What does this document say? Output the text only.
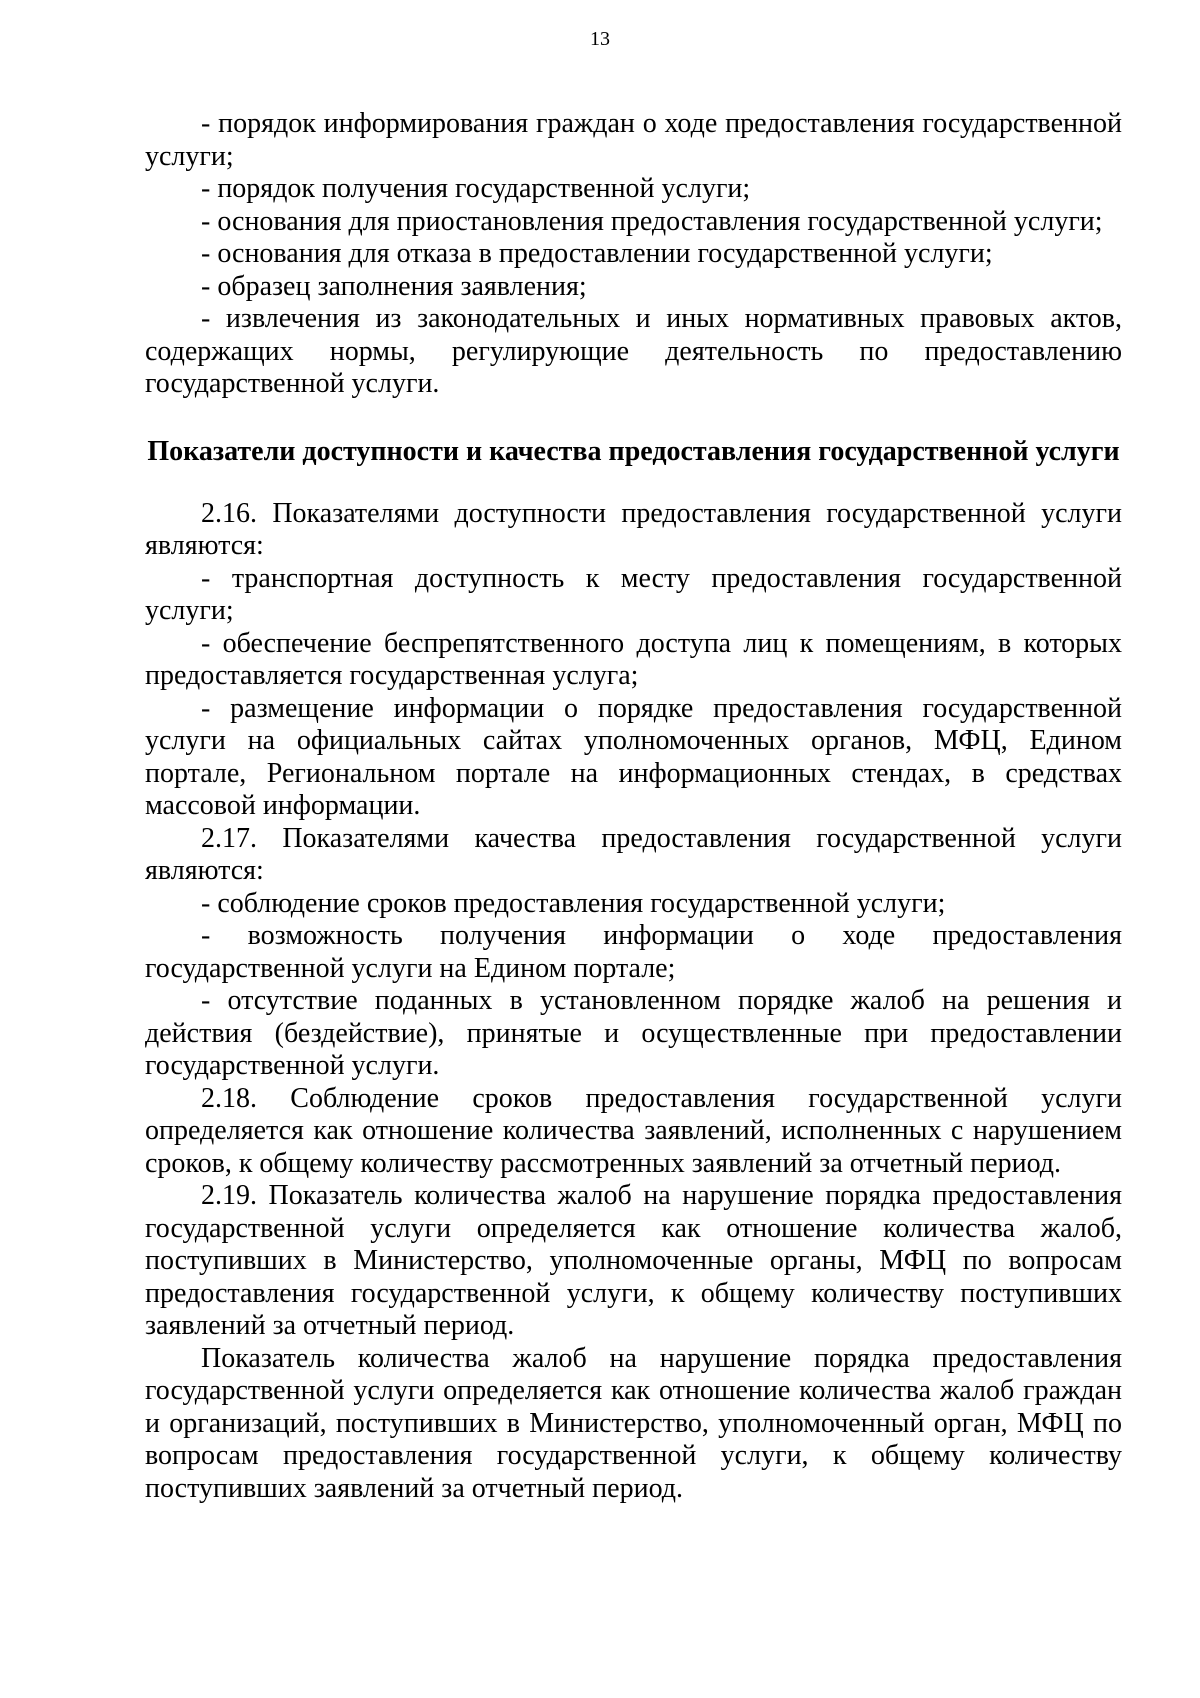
13

- порядок информирования граждан о ходе предоставления государственной услуги;

- порядок получения государственной услуги;

- основания для приостановления предоставления государственной услуги;

- основания для отказа в предоставлении государственной услуги;

- образец заполнения заявления;

- извлечения из законодательных и иных нормативных правовых актов, содержащих нормы, регулирующие деятельность по предоставлению государственной услуги.

Показатели доступности и качества предоставления государственной услуги

2.16. Показателями доступности предоставления государственной услуги являются:

- транспортная доступность к месту предоставления государственной услуги;

- обеспечение беспрепятственного доступа лиц к помещениям, в которых предоставляется государственная услуга;

- размещение информации о порядке предоставления государственной услуги на официальных сайтах уполномоченных органов, МФЦ, Едином портале, Региональном портале на информационных стендах, в средствах массовой информации.

2.17. Показателями качества предоставления государственной услуги являются:

- соблюдение сроков предоставления государственной услуги;

- возможность получения информации о ходе предоставления государственной услуги на Едином портале;

- отсутствие поданных в установленном порядке жалоб на решения и действия (бездействие), принятые и осуществленные при предоставлении государственной услуги.

2.18. Соблюдение сроков предоставления государственной услуги определяется как отношение количества заявлений, исполненных с нарушением сроков, к общему количеству рассмотренных заявлений за отчетный период.

2.19. Показатель количества жалоб на нарушение порядка предоставления государственной услуги определяется как отношение количества жалоб, поступивших в Министерство, уполномоченные органы, МФЦ по вопросам предоставления государственной услуги, к общему количеству поступивших заявлений за отчетный период.

Показатель количества жалоб на нарушение порядка предоставления государственной услуги определяется как отношение количества жалоб граждан и организаций, поступивших в Министерство, уполномоченный орган, МФЦ по вопросам предоставления государственной услуги, к общему количеству поступивших заявлений за отчетный период.
